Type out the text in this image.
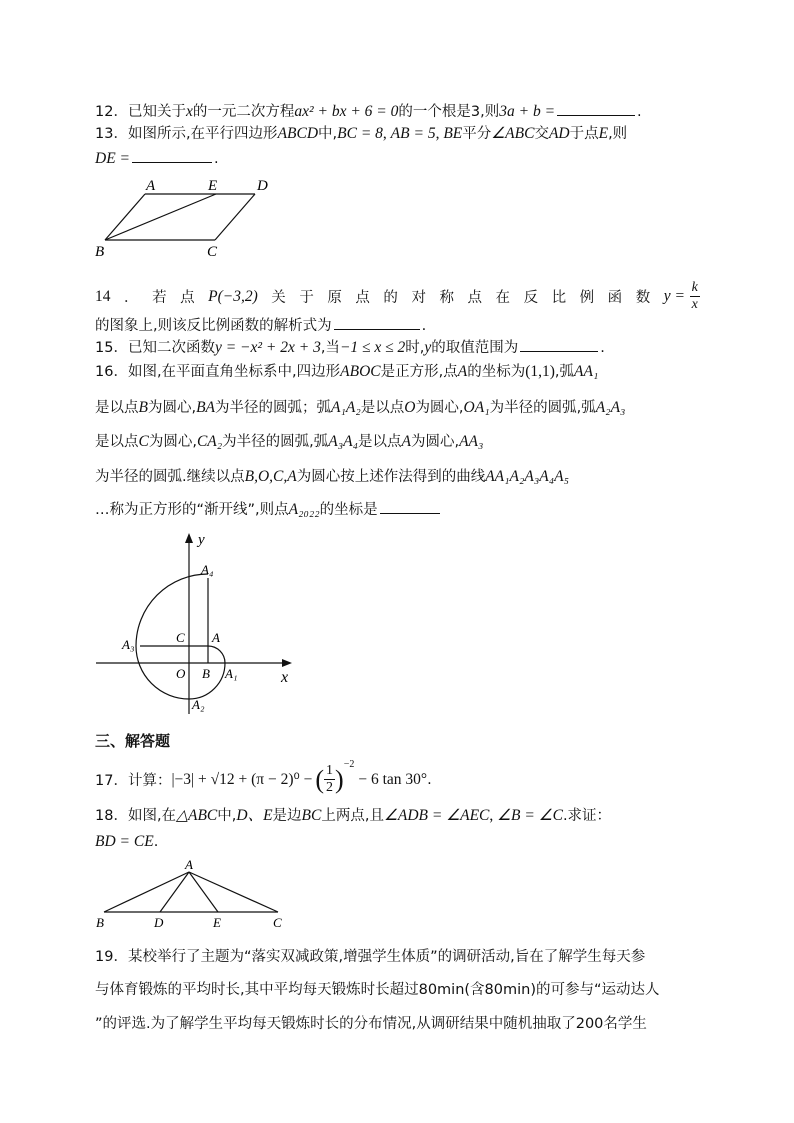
12．已知关于x的一元二次方程ax² + bx + 6 = 0的一个根是3,则3a + b =	.
13．如图所示,在平行四边形ABCD中,BC = 8, AB = 5, BE平分∠ABC交AD于点E,则
DE =	.
A	E	D
B	C
14 ． 若 点 P(−3,2) 关 于 原 点 的 对 称 点 在 反 比 例 函 数 $y = \frac{k}{x}$
的图象上,则该反比例函数的解析式为	.
15．已知二次函数y = −x² + 2x + 3,当−1 ≤ x ≤ 2时,y的取值范围为	.
16．如图,在平面直角坐标系中,四边形ABOC是正方形,点A的坐标为(1,1),弧AA₁
是以点B为圆心,BA为半径的圆弧；弧A₁A₂是以点O为圆心,OA₁为半径的圆弧,弧A₂A₃
是以点C为圆心,CA₂为半径的圆弧,弧A₃A₄是以点A为圆心,AA₃
为半径的圆弧.继续以点B,O,C,A为圆心按上述作法得到的曲线AA₁A₂A₃A₄A₅
…称为正方形的“渐开线”,则点A₂₀₂₂的坐标是
y
x
A₄
A₃	C A
O B A₁
A₂
三、解答题
17． 计算： |−3| + √12 + (π − 2)⁰ − ( $\frac{1}{2}$ ) −2
− 6 tan 30° .
18．如图,在△ABC中,D、E是边BC上两点,且∠ADB = ∠AEC, ∠B = ∠C.求证：
BD = CE.
A
B	D	E	C
19．某校举行了主题为“落实双减政策,增强学生体质”的调研活动,旨在了解学生每天参
与体育锻炼的平均时长,其中平均每天锻炼时长超过80min(含80min)的可参与“运动达人
”的评选.为了解学生平均每天锻炼时长的分布情况,从调研结果中随机抽取了200名学生
